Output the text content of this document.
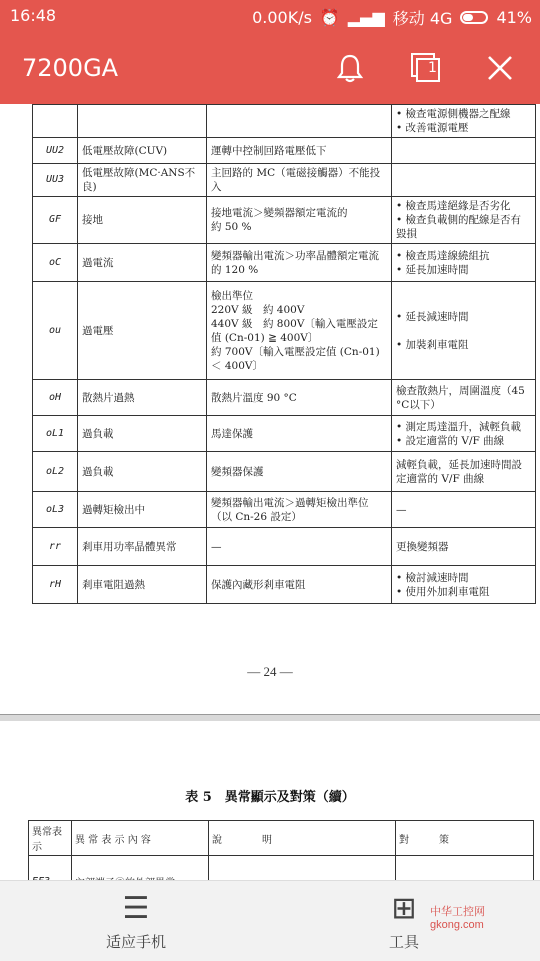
16:48	0.00K/s ⏰ ▂▄▆ 移动 4G	41%
7200GA	1
			• 檢查電源側機器之配線
• 改善電源電壓
UU2	低電壓故障(CUV)	運轉中控制回路電壓低下	
UU3	低電壓故障(MC·ANS不良)	主回路的 MC（電磁接觸器）不能投入	
GF	接地	接地電流＞變頻器額定電流的
約 50 %	• 檢查馬達絕緣是否劣化
• 檢查負載側的配線是否有毀損
oC	過電流	變頻器輸出電流＞功率晶體額定電流的 120 %	• 檢查馬達線繞組抗
• 延長加速時間
ou	過電壓	檢出準位
220V 級　約 400V
440V 級　約 800V〔輸入電壓設定值 (Cn-01) ≧ 400V〕
約 700V〔輸入電壓設定值 (Cn-01) ＜ 400V〕	• 延長減速時間

• 加裝剎車電阻
oH	散熱片過熱	散熱片溫度 90 °C	檢查散熱片，周圍溫度（45 °C以下）
oL1	過負載	馬達保護	• 測定馬達溫升，減輕負載
• 設定適當的 V/F 曲線
oL2	過負載	變頻器保護	減輕負載，延長加速時間設定適當的 V/F 曲線
oL3	過轉矩檢出中	變頻器輸出電流＞過轉矩檢出準位（以 Cn-26 設定）	—
rr	剎車用功率晶體異常	—	更換變頻器
rH	剎車電阻過熱	保護內藏形剎車電阻	• 檢討減速時間
• 使用外加剎車電阻
— 24 —
表 5　異常顯示及對策（續）
異常表示	異 常 表 示 內 容	說　　　　明	對　　　策

☰
适应手机
⊞
工具
中华工控网
gkong.com
